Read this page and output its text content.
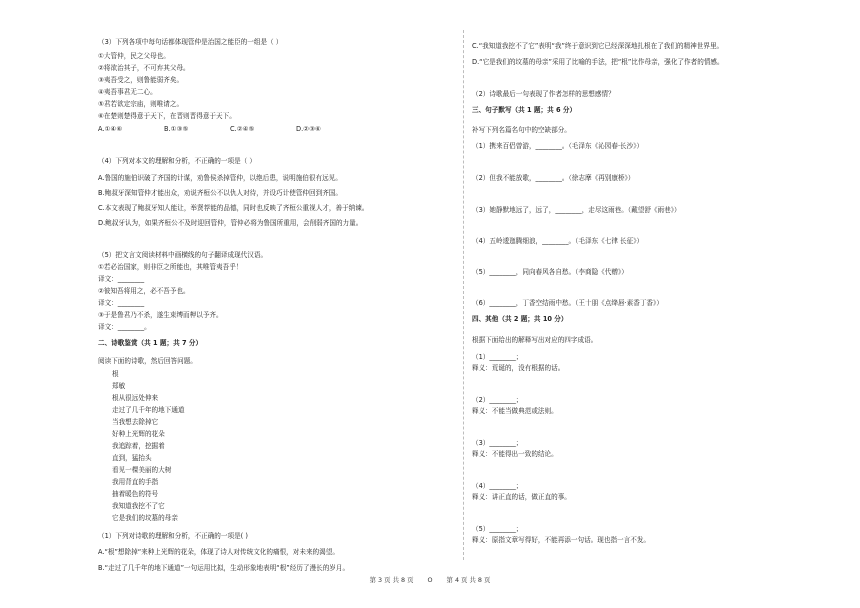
（3）下列各项中每句话都体现管仲是治国之能臣的一组是（ ）
①大管仲，民之父母也。
②将欲治其子，不可弃其父母。
③夷吾受之，则鲁能弱齐矣。
④夷吾事君无二心。
⑤君若欲定宗庙，则唯请之。
⑥在楚则楚得意于天下，在晋则晋得意于天下。
A.①④⑥	B.①③⑤	C.②④⑤	D.②③⑥
（4）下列对本文的理解和分析，不正确的一项是（ ）
A.鲁国的施伯识破了齐国的计谋，劝鲁侯杀掉管仲，以绝后患，说明施伯很有远见。
B.鲍叔牙深知管仲才能出众，劝说齐桓公不以仇人对待，并设巧计使管仲回到齐国。
C.本文表现了鲍叔牙知人能让，举贤荐能的品德，同时也反映了齐桓公重视人才，善于纳谏。
D.鲍叔牙认为，如果齐桓公不及时迎回管仲，管仲必将为鲁国所重用，会削弱齐国的力量。
（5）把文言文阅读材料中画横线的句子翻译成现代汉语。
①若必治国家，则非臣之所能也，其唯管夷吾乎！
译文：________
②彼知吾将用之，必不吾予也。
译文：________
③于是鲁君乃不杀，遂生束缚而柙以予齐。
译文：________。
二、诗歌鉴赏（共 1 题；共 7 分）
阅读下面的诗歌，然后回答问题。
根
郑敏
根从很远处伸来
走过了几千年的地下通道
当我想去除掉它
好种上光辉的花朵
我追踪着，挖掘着
直到，猛抬头
看见一棵美丽的大树
我用背直的手指
抽着暖色的符号
我知道我挖不了它
它是我们的坟墓的母亲
（1）下列对诗歌的理解和分析，不正确的一项是( )
A.“根”想除掉“来种上光辉的花朵，体现了诗人对传统文化的痛恨，对未来的渴望。
B.“走过了几千年的地下通道”一句运用比拟，生动形象地表明“根”经历了漫长的岁月。
C.“我知道我挖不了它”表明“我”终于意识到它已经深深地扎根在了我们的精神世界里。
D.“它是我们的坟墓的母亲”采用了比喻的手法，把“根”比作母亲，强化了作者的情感。
（2）诗歌最后一句表现了作者怎样的思想感情？
三、句子默写（共 1 题；共 6 分）
补写下列名篇名句中的空缺部分。
（1）携来百侣曾游，________。（毛泽东《沁园春·长沙》）
（2）但我不能放歌，________。（徐志摩《再别康桥》）
（3）她静默地远了，远了，________，走尽这雨巷。（戴望舒《雨巷》）
（4）五岭逶迤腾细浪，________。（毛泽东《七律 长征》）
（5）________，同向春风各自愁。（李商隐《代赠》）
（6）________，丁香空结雨中愁。（王十朋《点绛唇·素香丁香》）
四、其他（共 2 题；共 10 分）
根据下面给出的解释写出对应的四字成语。
（1）________；
释义：荒诞的，没有根据的话。
（2）________；
释义：不能当做典范或法则。
（3）________；
释义：不能得出一致的结论。
（4）________；
释义：讲正直的话，做正直的事。
（5）________；
释义：原指文章写得好，不能再添一句话。现也指一言不发。
第 3 页 共 8 页 O 第 4 页 共 8 页
